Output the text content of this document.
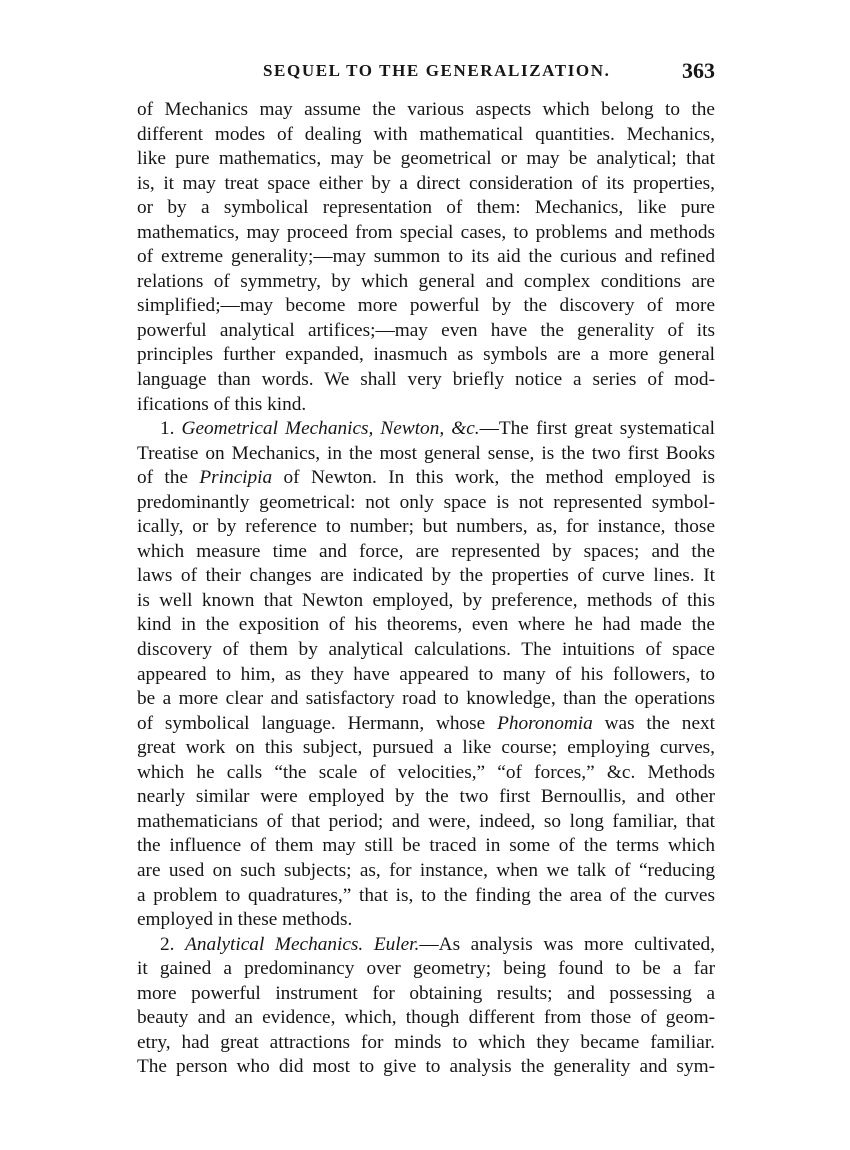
SEQUEL TO THE GENERALIZATION.	363
of Mechanics may assume the various aspects which belong to the
different modes of dealing with mathematical quantities. Mechanics,
like pure mathematics, may be geometrical or may be analytical; that
is, it may treat space either by a direct consideration of its properties,
or by a symbolical representation of them: Mechanics, like pure
mathematics, may proceed from special cases, to problems and methods
of extreme generality;—may summon to its aid the curious and refined
relations of symmetry, by which general and complex conditions are
simplified;—may become more powerful by the discovery of more
powerful analytical artifices;—may even have the generality of its
principles further expanded, inasmuch as symbols are a more general
language than words. We shall very briefly notice a series of mod-
ifications of this kind.
1. Geometrical Mechanics, Newton, &c.—The first great systematical
Treatise on Mechanics, in the most general sense, is the two first Books
of the Principia of Newton. In this work, the method employed is
predominantly geometrical: not only space is not represented symbol-
ically, or by reference to number; but numbers, as, for instance, those
which measure time and force, are represented by spaces; and the
laws of their changes are indicated by the properties of curve lines. It
is well known that Newton employed, by preference, methods of this
kind in the exposition of his theorems, even where he had made the
discovery of them by analytical calculations. The intuitions of space
appeared to him, as they have appeared to many of his followers, to
be a more clear and satisfactory road to knowledge, than the operations
of symbolical language. Hermann, whose Phoronomia was the next
great work on this subject, pursued a like course; employing curves,
which he calls “the scale of velocities,” “of forces,” &c. Methods
nearly similar were employed by the two first Bernoullis, and other
mathematicians of that period; and were, indeed, so long familiar, that
the influence of them may still be traced in some of the terms which
are used on such subjects; as, for instance, when we talk of “reducing
a problem to quadratures,” that is, to the finding the area of the curves
employed in these methods.
2. Analytical Mechanics. Euler.—As analysis was more cultivated,
it gained a predominancy over geometry; being found to be a far
more powerful instrument for obtaining results; and possessing a
beauty and an evidence, which, though different from those of geom-
etry, had great attractions for minds to which they became familiar.
The person who did most to give to analysis the generality and sym-
